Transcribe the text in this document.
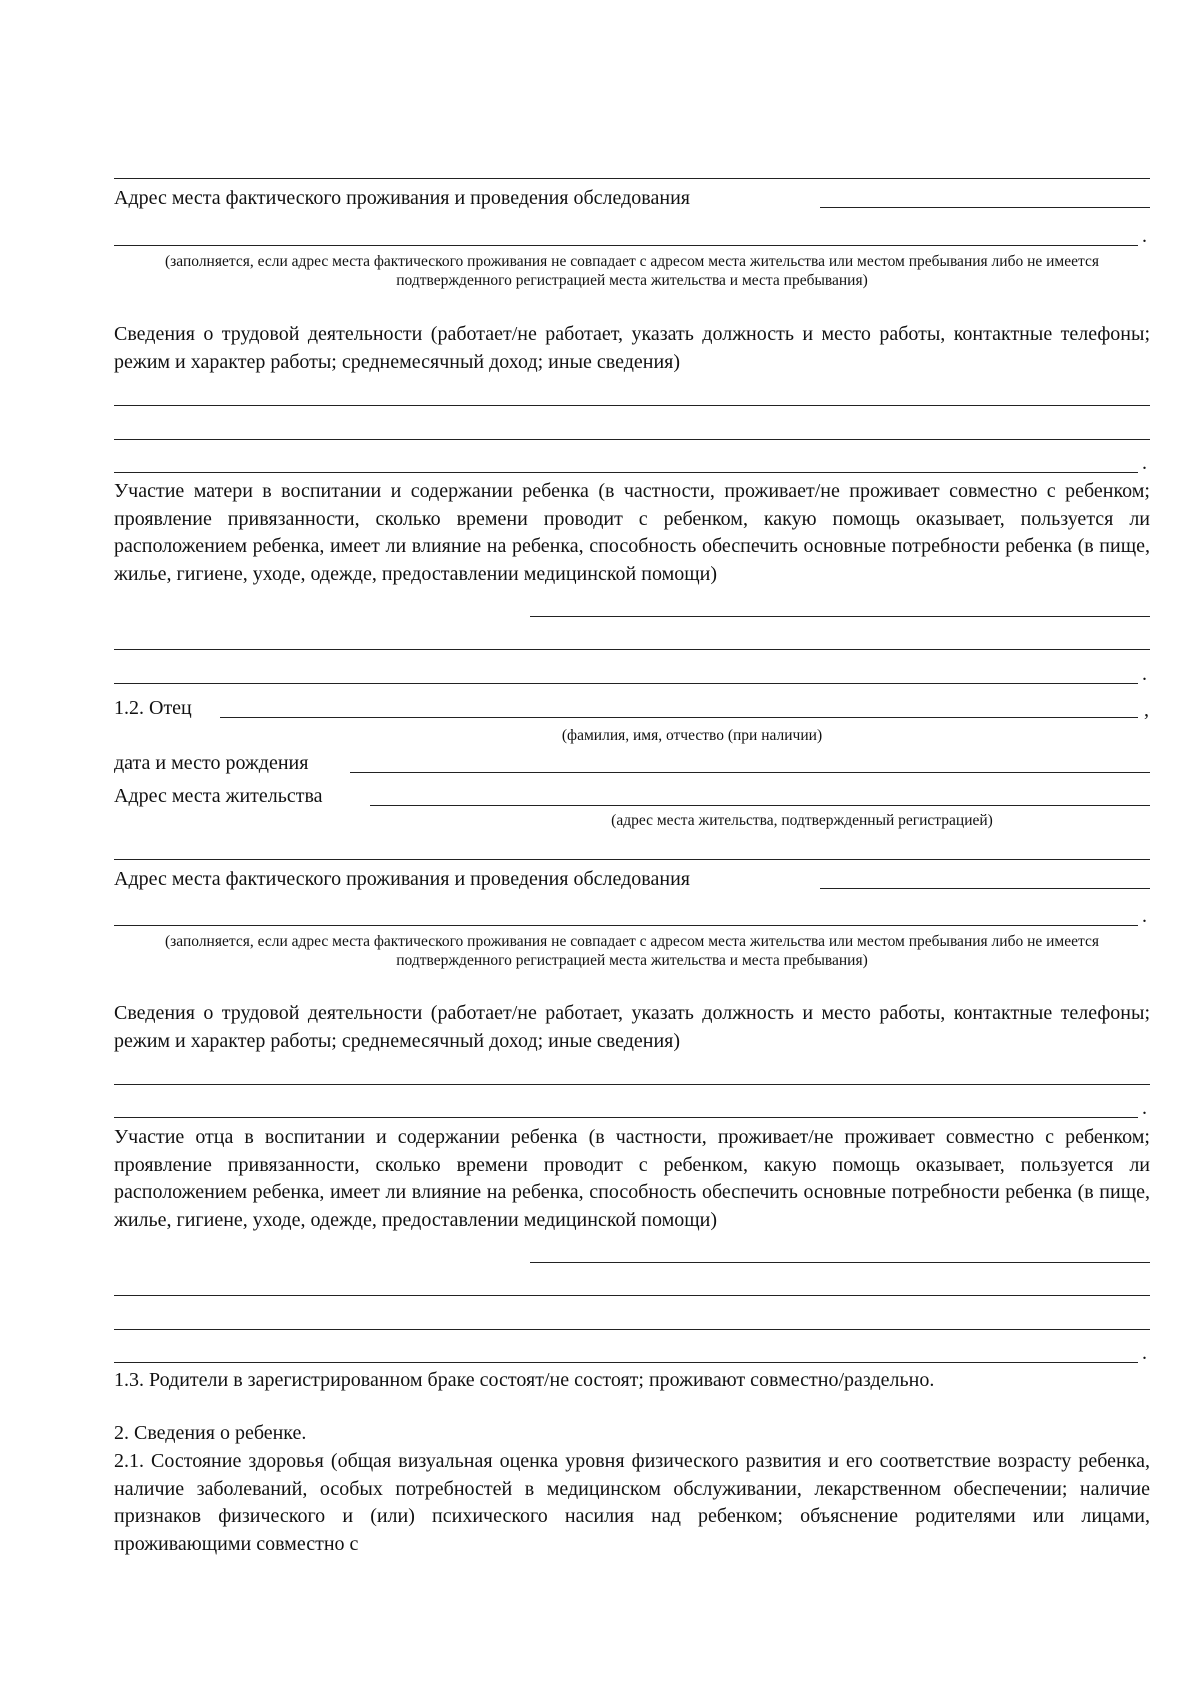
Адрес места фактического проживания и проведения обследования
.
(заполняется, если адрес места фактического проживания не совпадает с адресом места жительства или местом пребывания либо не имеется подтвержденного регистрацией места жительства и места пребывания)
Сведения о трудовой деятельности (работает/не работает, указать должность и место работы, контактные телефоны; режим и характер работы; среднемесячный доход; иные сведения)
.
Участие матери в воспитании и содержании ребенка (в частности, проживает/не проживает совместно с ребенком; проявление привязанности, сколько времени проводит с ребенком, какую помощь оказывает, пользуется ли расположением ребенка, имеет ли влияние на ребенка, способность обеспечить основные потребности ребенка (в пище, жилье, гигиене, уходе, одежде, предоставлении медицинской помощи)
.
1.2. Отец	,
(фамилия, имя, отчество (при наличии)
дата и место рождения
Адрес места жительства
(адрес места жительства, подтвержденный регистрацией)
Адрес места фактического проживания и проведения обследования
.
(заполняется, если адрес места фактического проживания не совпадает с адресом места жительства или местом пребывания либо не имеется подтвержденного регистрацией места жительства и места пребывания)
Сведения о трудовой деятельности (работает/не работает, указать должность и место работы, контактные телефоны; режим и характер работы; среднемесячный доход; иные сведения)
.
Участие отца в воспитании и содержании ребенка (в частности, проживает/не проживает совместно с ребенком; проявление привязанности, сколько времени проводит с ребенком, какую помощь оказывает, пользуется ли расположением ребенка, имеет ли влияние на ребенка, способность обеспечить основные потребности ребенка (в пище, жилье, гигиене, уходе, одежде, предоставлении медицинской помощи)
.
1.3. Родители в зарегистрированном браке состоят/не состоят; проживают совместно/раздельно.
2. Сведения о ребенке.
2.1. Состояние здоровья (общая визуальная оценка уровня физического развития и его соответствие возрасту ребенка, наличие заболеваний, особых потребностей в медицинском обслуживании, лекарственном обеспечении; наличие признаков физического и (или) психического насилия над ребенком; объяснение родителями или лицами, проживающими совместно с
